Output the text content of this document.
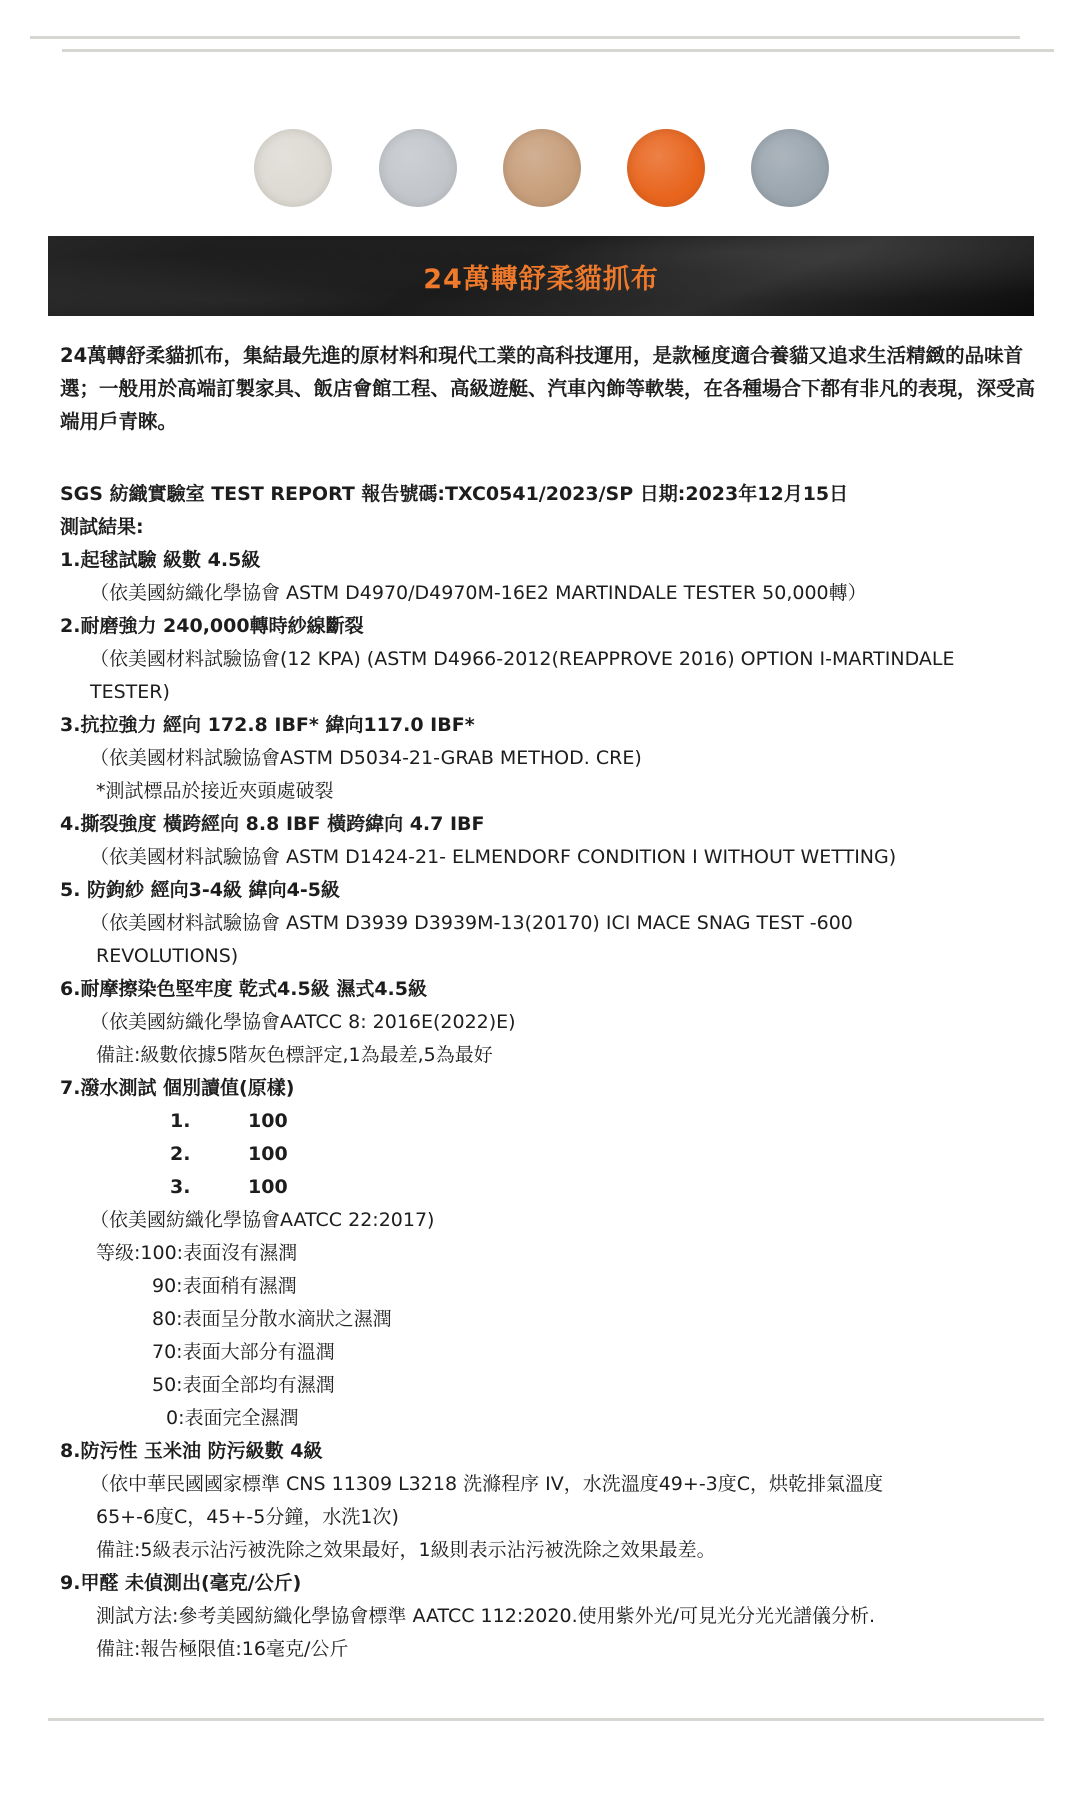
24萬轉舒柔貓抓布

24萬轉舒柔貓抓布，集結最先進的原材料和現代工業的高科技運用，是款極度適合養貓又追求生活精緻的品味首選；一般用於高端訂製家具、飯店會館工程、高級遊艇、汽車內飾等軟裝，在各種場合下都有非凡的表現，深受高端用戶青睞。

SGS 紡織實驗室 TEST REPORT 報告號碼:TXC0541/2023/SP 日期:2023年12月15日
測試結果:
1.起毬試驗 級數 4.5級
（依美國紡織化學協會 ASTM D4970/D4970M-16E2 MARTINDALE TESTER 50,000轉）
2.耐磨強力 240,000轉時紗線斷裂
（依美國材料試驗協會(12 KPA) (ASTM D4966-2012(REAPPROVE 2016) OPTION I-MARTINDALE
TESTER)
3.抗拉強力 經向 172.8 IBF* 緯向117.0 IBF*
（依美國材料試驗協會ASTM D5034-21-GRAB METHOD. CRE)
*測試標品於接近夾頭處破裂
4.撕裂強度 橫跨經向 8.8 IBF 橫跨緯向 4.7 IBF
（依美國材料試驗協會 ASTM D1424-21- ELMENDORF CONDITION I WITHOUT WETTING)
5. 防鉤紗 經向3-4級 緯向4-5級
（依美國材料試驗協會 ASTM D3939 D3939M-13(20170) ICI MACE SNAG TEST -600
REVOLUTIONS)
6.耐摩擦染色堅牢度 乾式4.5級 濕式4.5級
（依美國紡織化學協會AATCC 8: 2016E(2022)E)
備註:級數依據5階灰色標評定,1為最差,5為最好
7.潑水測試 個別讀值(原樣)
1.	100
2.	100
3.	100
（依美國紡織化學協會AATCC 22:2017)
等级:100:表面沒有濕潤
90:表面稍有濕潤
80:表面呈分散水滴狀之濕潤
70:表面大部分有溫潤
50:表面全部均有濕潤
0:表面完全濕潤
8.防污性 玉米油 防污級數 4級
（依中華民國國家標準 CNS 11309 L3218 洗滌程序 IV，水洗溫度49+-3度C，烘乾排氣溫度
65+-6度C，45+-5分鐘，水洗1次)
備註:5級表示沾污被洗除之效果最好，1級則表示沾污被洗除之效果最差。
9.甲醛 未偵測出(毫克/公斤)
測試方法:參考美國紡織化學協會標準 AATCC 112:2020.使用紫外光/可見光分光光譜儀分析.
備註:報告極限值:16毫克/公斤
